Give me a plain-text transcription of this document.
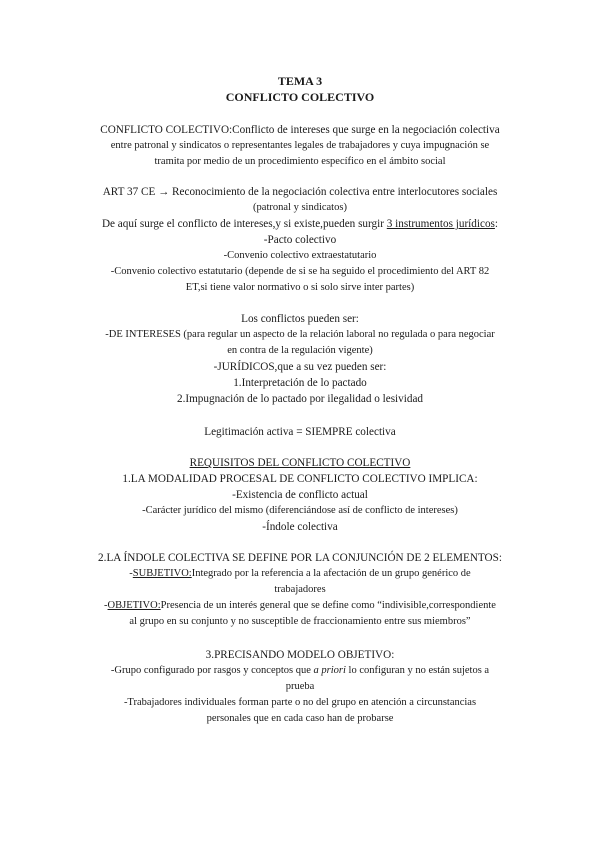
TEMA 3
CONFLICTO COLECTIVO
CONFLICTO COLECTIVO:Conflicto de intereses que surge en la negociación colectiva
entre patronal y sindicatos o representantes legales de trabajadores y cuya impugnación se
tramita por medio de un procedimiento específico en el ámbito social
ART 37 CE → Reconocimiento de la negociación colectiva entre interlocutores sociales
(patronal y sindicatos)
De aquí surge el conflicto de intereses,y si existe,pueden surgir 3 instrumentos jurídicos:
-Pacto colectivo
-Convenio colectivo extraestatutario
-Convenio colectivo estatutario (depende de si se ha seguido el procedimiento del ART 82
ET,si tiene valor normativo o si solo sirve inter partes)
Los conflictos pueden ser:
-DE INTERESES (para regular un aspecto de la relación laboral no regulada o para negociar
en contra de la regulación vigente)
-JURÍDICOS,que a su vez pueden ser:
1.Interpretación de lo pactado
2.Impugnación de lo pactado por ilegalidad o lesividad
Legitimación activa = SIEMPRE colectiva
REQUISITOS DEL CONFLICTO COLECTIVO
1.LA MODALIDAD PROCESAL DE CONFLICTO COLECTIVO IMPLICA:
-Existencia de conflicto actual
-Carácter jurídico del mismo (diferenciándose así de conflicto de intereses)
-Índole colectiva
2.LA ÍNDOLE COLECTIVA SE DEFINE POR LA CONJUNCIÓN DE 2 ELEMENTOS:
-SUBJETIVO:Integrado por la referencia a la afectación de un grupo genérico de
trabajadores
-OBJETIVO:Presencia de un interés general que se define como “indivisible,correspondiente
al grupo en su conjunto y no susceptible de fraccionamiento entre sus miembros”
3.PRECISANDO MODELO OBJETIVO:
-Grupo configurado por rasgos y conceptos que a priori lo configuran y no están sujetos a
prueba
-Trabajadores individuales forman parte o no del grupo en atención a circunstancias
personales que en cada caso han de probarse
